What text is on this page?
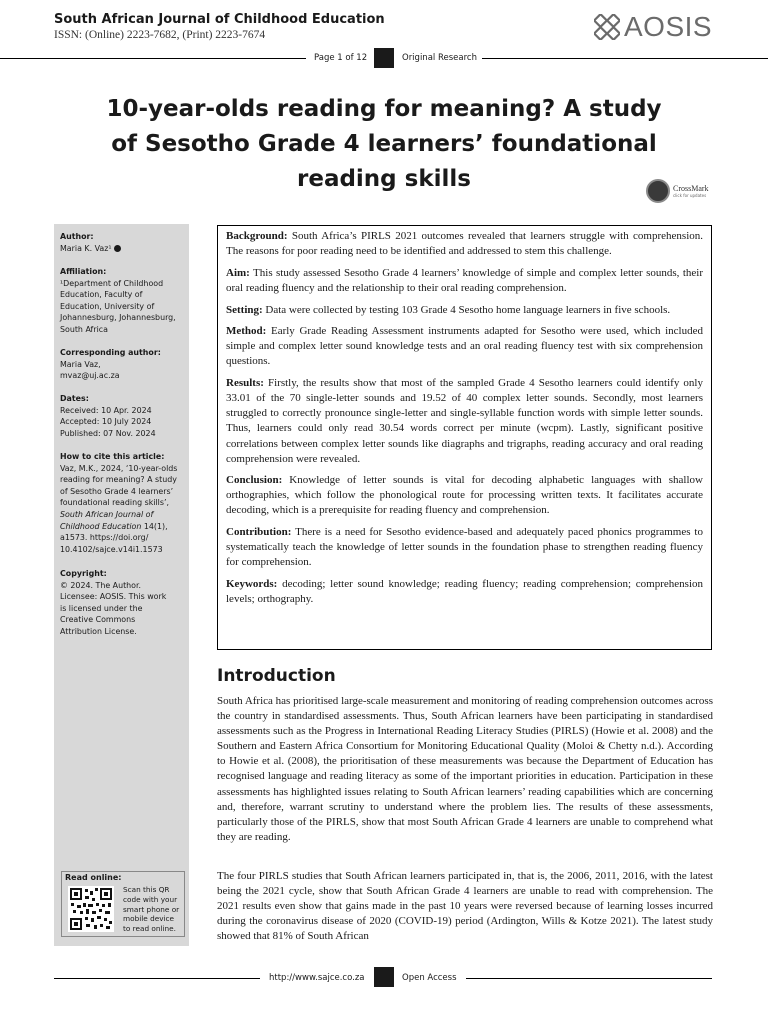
South African Journal of Childhood Education
ISSN: (Online) 2223-7682, (Print) 2223-7674	AOSIS
Page 1 of 12	Original Research
10-year-olds reading for meaning? A study of Sesotho Grade 4 learners’ foundational reading skills	CrossMark
click for updates
Author:
Maria K. Vaz¹
Affiliation:
¹Department of Childhood
Education, Faculty of
Education, University of
Johannesburg, Johannesburg,
South Africa
Corresponding author:
Maria Vaz,
mvaz@uj.ac.za
Dates:
Received: 10 Apr. 2024
Accepted: 10 July 2024
Published: 07 Nov. 2024
How to cite this article:
Vaz, M.K., 2024, ‘10-year-olds
reading for meaning? A study
of Sesotho Grade 4 learners’
foundational reading skills’,
South African Journal of
Childhood Education 14(1),
a1573. https://doi.org/
10.4102/sajce.v14i1.1573
Copyright:
© 2024. The Author.
Licensee: AOSIS. This work
is licensed under the
Creative Commons
Attribution License.
Read online:
Scan this QR
code with your
smart phone or
mobile device
to read online.

Background: South Africa’s PIRLS 2021 outcomes revealed that learners struggle with comprehension. The reasons for poor reading need to be identified and addressed to stem this challenge.

Aim: This study assessed Sesotho Grade 4 learners’ knowledge of simple and complex letter sounds, their oral reading fluency and the relationship to their oral reading comprehension.

Setting: Data were collected by testing 103 Grade 4 Sesotho home language learners in five schools.

Method: Early Grade Reading Assessment instruments adapted for Sesotho were used, which included simple and complex letter sound knowledge tests and an oral reading fluency test with six comprehension questions.

Results: Firstly, the results show that most of the sampled Grade 4 Sesotho learners could identify only 33.01 of the 70 single-letter sounds and 19.52 of 40 complex letter sounds. Secondly, most learners struggled to correctly pronounce single-letter and single-syllable function words with simple letter sounds. Thus, learners could only read 30.54 words correct per minute (wcpm). Lastly, significant positive correlations between complex letter sounds like diagraphs and trigraphs, reading accuracy and oral reading comprehension were revealed.

Conclusion: Knowledge of letter sounds is vital for decoding alphabetic languages with shallow orthographies, which follow the phonological route for processing written texts. It facilitates accurate decoding, which is a prerequisite for reading fluency and comprehension.

Contribution: There is a need for Sesotho evidence-based and adequately paced phonics programmes to systematically teach the knowledge of letter sounds in the foundation phase to strengthen reading fluency for comprehension.

Keywords: decoding; letter sound knowledge; reading fluency; reading comprehension; comprehension levels; orthography.

Introduction

South Africa has prioritised large-scale measurement and monitoring of reading comprehension outcomes across the country in standardised assessments. Thus, South African learners have been participating in standardised assessments such as the Progress in International Reading Literacy Studies (PIRLS) (Howie et al. 2008) and the Southern and Eastern Africa Consortium for Monitoring Educational Quality (Moloi & Chetty n.d.). According to Howie et al. (2008), the prioritisation of these measurements was because the Department of Education has recognised language and reading literacy as some of the important priorities in education. Participation in these assessments has highlighted issues relating to South African learners’ reading capabilities which are concerning and, therefore, warrant scrutiny to understand where the problem lies. The results of these assessments, particularly those of the PIRLS, show that most South African Grade 4 learners are unable to comprehend what they are reading.

The four PIRLS studies that South African learners participated in, that is, the 2006, 2011, 2016, with the latest being the 2021 cycle, show that South African Grade 4 learners are unable to read with comprehension. The 2021 results even show that gains made in the past 10 years were reversed because of learning losses incurred during the coronavirus disease of 2020 (COVID-19) period (Ardington, Wills & Kotze 2021). The latest study showed that 81% of South African

http://www.sajce.co.za	Open Access
